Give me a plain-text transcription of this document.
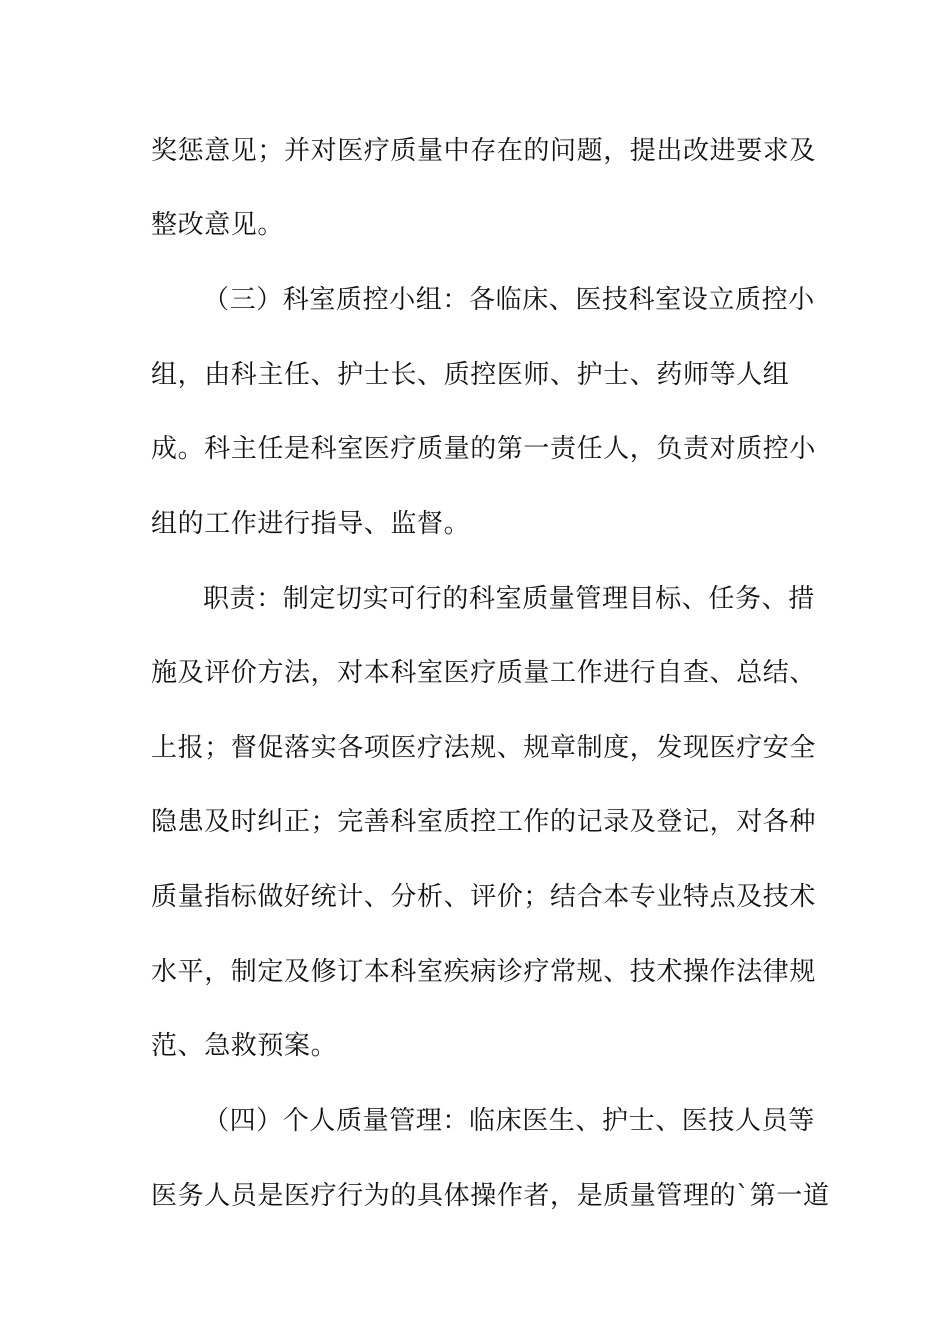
奖惩意见；并对医疗质量中存在的问题，提出改进要求及
整改意见。
（三）科室质控小组：各临床、医技科室设立质控小
组，由科主任、护士长、质控医师、护士、药师等人组
成。科主任是科室医疗质量的第一责任人，负责对质控小
组的工作进行指导、监督。
职责：制定切实可行的科室质量管理目标、任务、措
施及评价方法，对本科室医疗质量工作进行自查、总结、
上报；督促落实各项医疗法规、规章制度，发现医疗安全
隐患及时纠正；完善科室质控工作的记录及登记，对各种
质量指标做好统计、分析、评价；结合本专业特点及技术
水平，制定及修订本科室疾病诊疗常规、技术操作法律规
范、急救预案。
（四）个人质量管理：临床医生、护士、医技人员等
医务人员是医疗行为的具体操作者，是质量管理的`第一道
